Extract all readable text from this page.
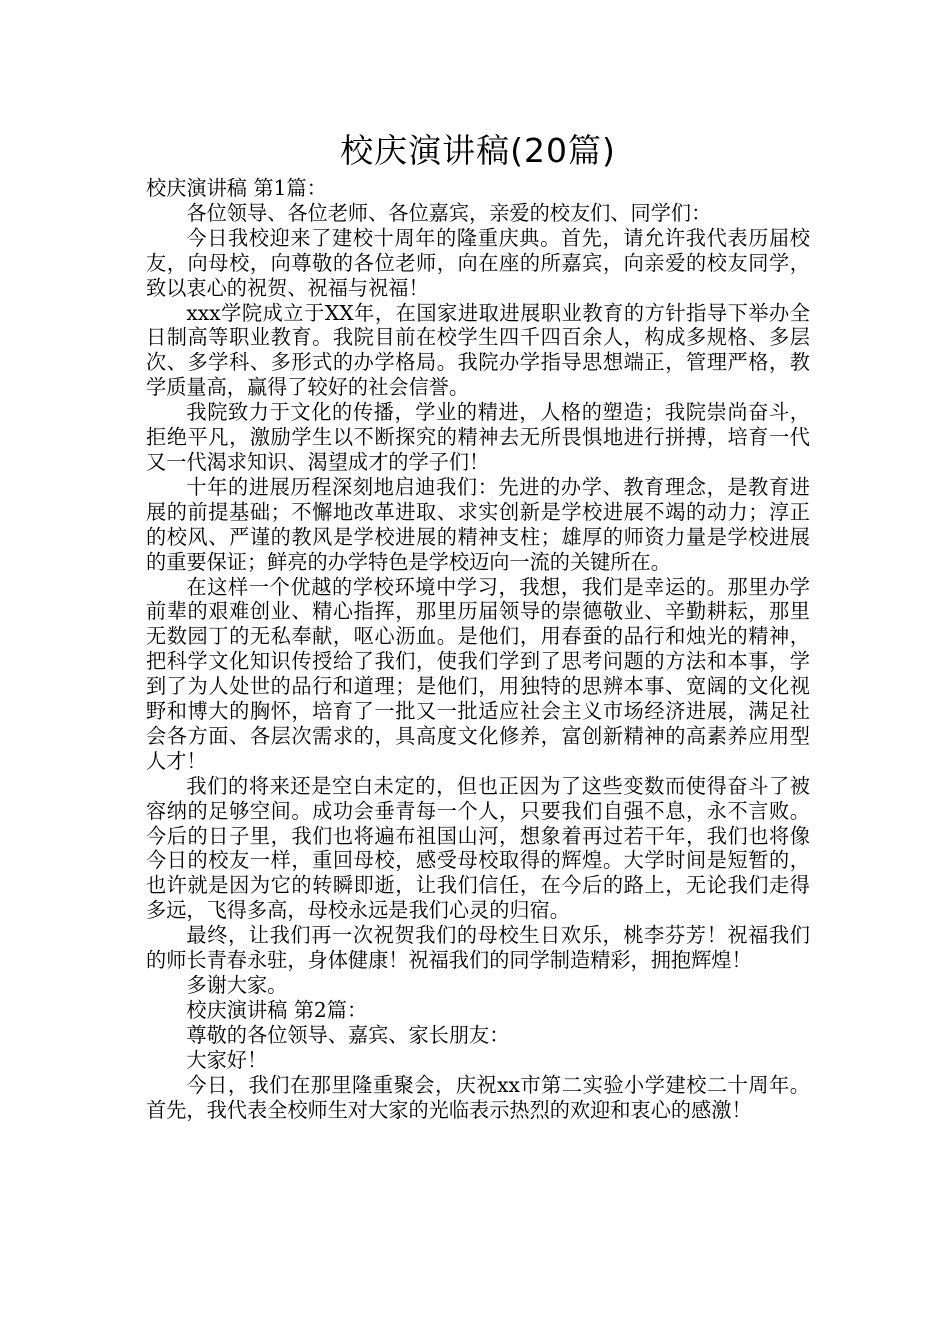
校庆演讲稿(20篇)

校庆演讲稿 第1篇：

各位领导、各位老师、各位嘉宾，亲爱的校友们、同学们：

今日我校迎来了建校十周年的隆重庆典。首先，请允许我代表历届校友，向母校，向尊敬的各位老师，向在座的所嘉宾，向亲爱的校友同学，致以衷心的祝贺、祝福与祝福！

xxx学院成立于XX年，在国家进取进展职业教育的方针指导下举办全日制高等职业教育。我院目前在校学生四千四百余人，构成多规格、多层次、多学科、多形式的办学格局。我院办学指导思想端正，管理严格，教学质量高，赢得了较好的社会信誉。

我院致力于文化的传播，学业的精进，人格的塑造；我院崇尚奋斗，拒绝平凡，激励学生以不断探究的精神去无所畏惧地进行拼搏，培育一代又一代渴求知识、渴望成才的学子们！

十年的进展历程深刻地启迪我们：先进的办学、教育理念，是教育进展的前提基础；不懈地改革进取、求实创新是学校进展不竭的动力；淳正的校风、严谨的教风是学校进展的精神支柱；雄厚的师资力量是学校进展的重要保证；鲜亮的办学特色是学校迈向一流的关键所在。

在这样一个优越的学校环境中学习，我想，我们是幸运的。那里办学前辈的艰难创业、精心指挥，那里历届领导的崇德敬业、辛勤耕耘，那里无数园丁的无私奉献，呕心沥血。是他们，用春蚕的品行和烛光的精神，把科学文化知识传授给了我们，使我们学到了思考问题的方法和本事，学到了为人处世的品行和道理；是他们，用独特的思辨本事、宽阔的文化视野和博大的胸怀，培育了一批又一批适应社会主义市场经济进展，满足社会各方面、各层次需求的，具高度文化修养，富创新精神的高素养应用型人才！

我们的将来还是空白未定的，但也正因为了这些变数而使得奋斗了被容纳的足够空间。成功会垂青每一个人，只要我们自强不息，永不言败。今后的日子里，我们也将遍布祖国山河，想象着再过若干年，我们也将像今日的校友一样，重回母校，感受母校取得的辉煌。大学时间是短暂的，也许就是因为它的转瞬即逝，让我们信任，在今后的路上，无论我们走得多远，飞得多高，母校永远是我们心灵的归宿。

最终，让我们再一次祝贺我们的母校生日欢乐，桃李芬芳！祝福我们的师长青春永驻，身体健康！祝福我们的同学制造精彩，拥抱辉煌！

多谢大家。

校庆演讲稿 第2篇：

尊敬的各位领导、嘉宾、家长朋友：

大家好！

今日，我们在那里隆重聚会，庆祝xx市第二实验小学建校二十周年。首先，我代表全校师生对大家的光临表示热烈的欢迎和衷心的感激！
